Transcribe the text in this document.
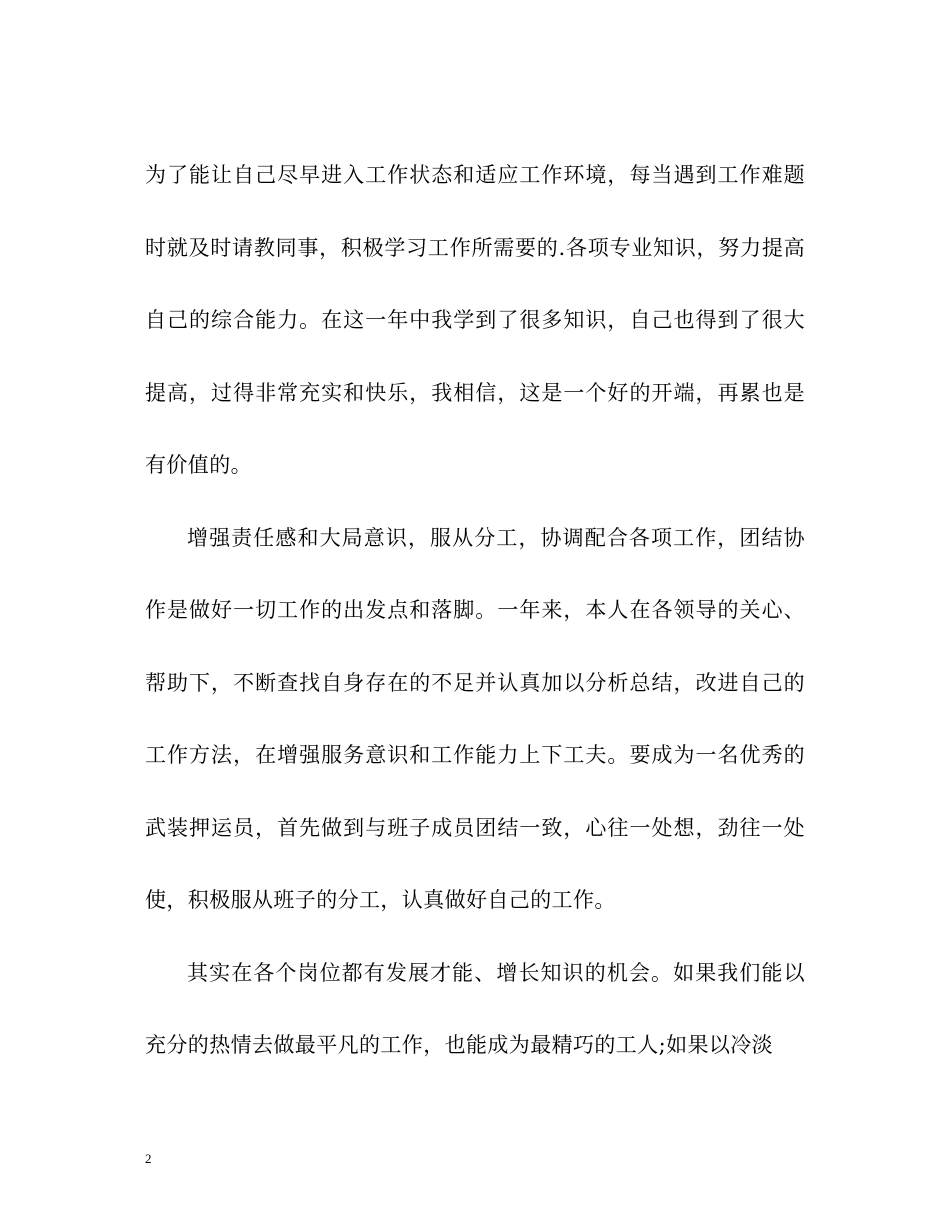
为了能让自己尽早进入工作状态和适应工作环境，每当遇到工作难题时就及时请教同事，积极学习工作所需要的.各项专业知识，努力提高自己的综合能力。在这一年中我学到了很多知识，自己也得到了很大提高，过得非常充实和快乐，我相信，这是一个好的开端，再累也是有价值的。

增强责任感和大局意识，服从分工，协调配合各项工作，团结协作是做好一切工作的出发点和落脚。一年来，本人在各领导的关心、帮助下，不断查找自身存在的不足并认真加以分析总结，改进自己的工作方法，在增强服务意识和工作能力上下工夫。要成为一名优秀的武装押运员，首先做到与班子成员团结一致，心往一处想，劲往一处使，积极服从班子的分工，认真做好自己的工作。

其实在各个岗位都有发展才能、增长知识的机会。如果我们能以充分的热情去做最平凡的工作，也能成为最精巧的工人;如果以冷淡

2
